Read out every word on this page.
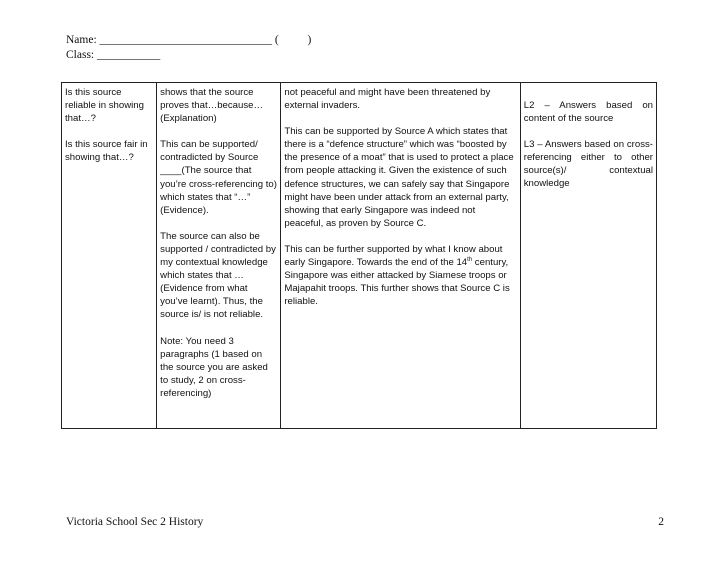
Name: ______________________________ (          )
Class: ___________
Is this source reliable in showing that…?
Is this source fair in showing that…?

shows that the source proves that…because… (Explanation)
This can be supported/ contradicted by Source ____(The source that you’re cross-referencing to) which states that “…” (Evidence).
The source can also be supported / contradicted by my contextual knowledge which states that … (Evidence from what you’ve learnt). Thus, the source is/ is not reliable.
Note: You need 3 paragraphs (1 based on the source you are asked to study, 2 on cross-referencing)

not peaceful and might have been threatened by external invaders.
This can be supported by Source A which states that there is a “defence structure” which was “boosted by the presence of a moat” that is used to protect a place from people attacking it. Given the existence of such defence structures, we can safely say that Singapore might have been under attack from an external party, showing that early Singapore was indeed not peaceful, as proven by Source C.
This can be further supported by what I know about early Singapore. Towards the end of the 14th century, Singapore was either attacked by Siamese troops or Majapahit troops. This further shows that Source C is reliable.

L2 – Answers based on content of the source
L3 – Answers based on cross-referencing either to other source(s)/ contextual knowledge
Victoria School Sec 2 History	2
